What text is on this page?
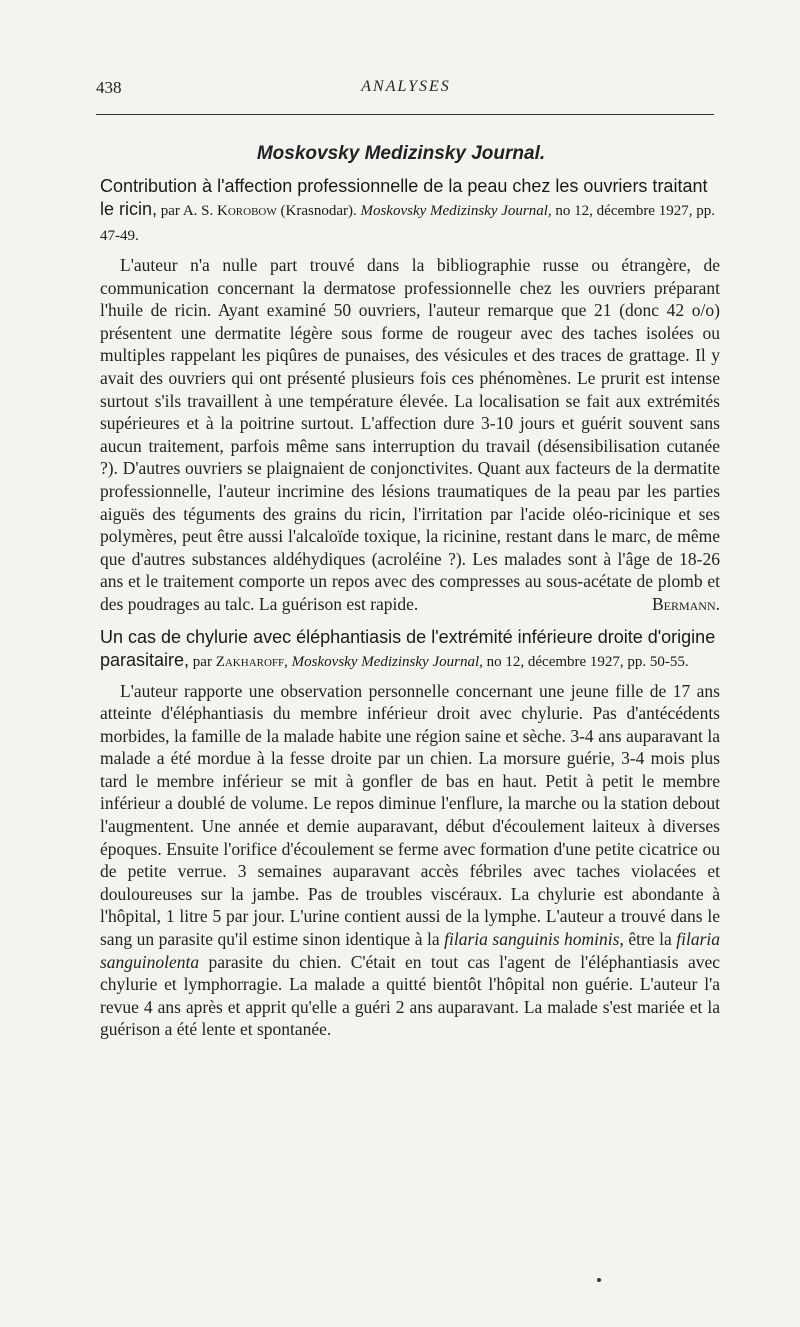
438	ANALYSES
Moskovsky Medizinsky Journal.
Contribution à l'affection professionnelle de la peau chez les ouvriers traitant le ricin, par A. S. Korobow (Krasnodar). Moskovsky Medizinsky Journal, no 12, décembre 1927, pp. 47-49.

L'auteur n'a nulle part trouvé dans la bibliographie russe ou étrangère, de communication concernant la dermatose professionnelle chez les ouvriers préparant l'huile de ricin. Ayant examiné 50 ouvriers, l'auteur remarque que 21 (donc 42 o/o) présentent une dermatite légère sous forme de rougeur avec des taches isolées ou multiples rappelant les piqûres de punaises, des vésicules et des traces de grattage. Il y avait des ouvriers qui ont présenté plusieurs fois ces phénomènes. Le prurit est intense surtout s'ils travaillent à une température élevée. La localisation se fait aux extrémités supérieures et à la poitrine surtout. L'affection dure 3-10 jours et guérit souvent sans aucun traitement, parfois même sans interruption du travail (désensibilisation cutanée ?). D'autres ouvriers se plaignaient de conjonctivites. Quant aux facteurs de la dermatite professionnelle, l'auteur incrimine des lésions traumatiques de la peau par les parties aiguës des téguments des grains du ricin, l'irritation par l'acide oléo-ricinique et ses polymères, peut être aussi l'alcaloïde toxique, la ricinine, restant dans le marc, de même que d'autres substances aldéhydiques (acroléine ?). Les malades sont à l'âge de 18-26 ans et le traitement comporte un repos avec des compresses au sous-acétate de plomb et des poudrages au talc. La guérison est rapide.	Bermann.

Un cas de chylurie avec éléphantiasis de l'extrémité inférieure droite d'origine parasitaire, par Zakharoff, Moskovsky Medizinsky Journal, no 12, décembre 1927, pp. 50-55.

L'auteur rapporte une observation personnelle concernant une jeune fille de 17 ans atteinte d'éléphantiasis du membre inférieur droit avec chylurie. Pas d'antécédents morbides, la famille de la malade habite une région saine et sèche. 3-4 ans auparavant la malade a été mordue à la fesse droite par un chien. La morsure guérie, 3-4 mois plus tard le membre inférieur se mit à gonfler de bas en haut. Petit à petit le membre inférieur a doublé de volume. Le repos diminue l'enflure, la marche ou la station debout l'augmentent. Une année et demie auparavant, début d'écoulement laiteux à diverses époques. Ensuite l'orifice d'écoulement se ferme avec formation d'une petite cicatrice ou de petite verrue. 3 semaines auparavant accès fébriles avec taches violacées et douloureuses sur la jambe. Pas de troubles viscéraux. La chylurie est abondante à l'hôpital, 1 litre 5 par jour. L'urine contient aussi de la lymphe. L'auteur a trouvé dans le sang un parasite qu'il estime sinon identique à la filaria sanguinis hominis, être la filaria sanguinolenta parasite du chien. C'était en tout cas l'agent de l'éléphantiasis avec chylurie et lymphorragie. La malade a quitté bientôt l'hôpital non guérie. L'auteur l'a revue 4 ans après et apprit qu'elle a guéri 2 ans auparavant. La malade s'est mariée et la guérison a été lente et spontanée.
